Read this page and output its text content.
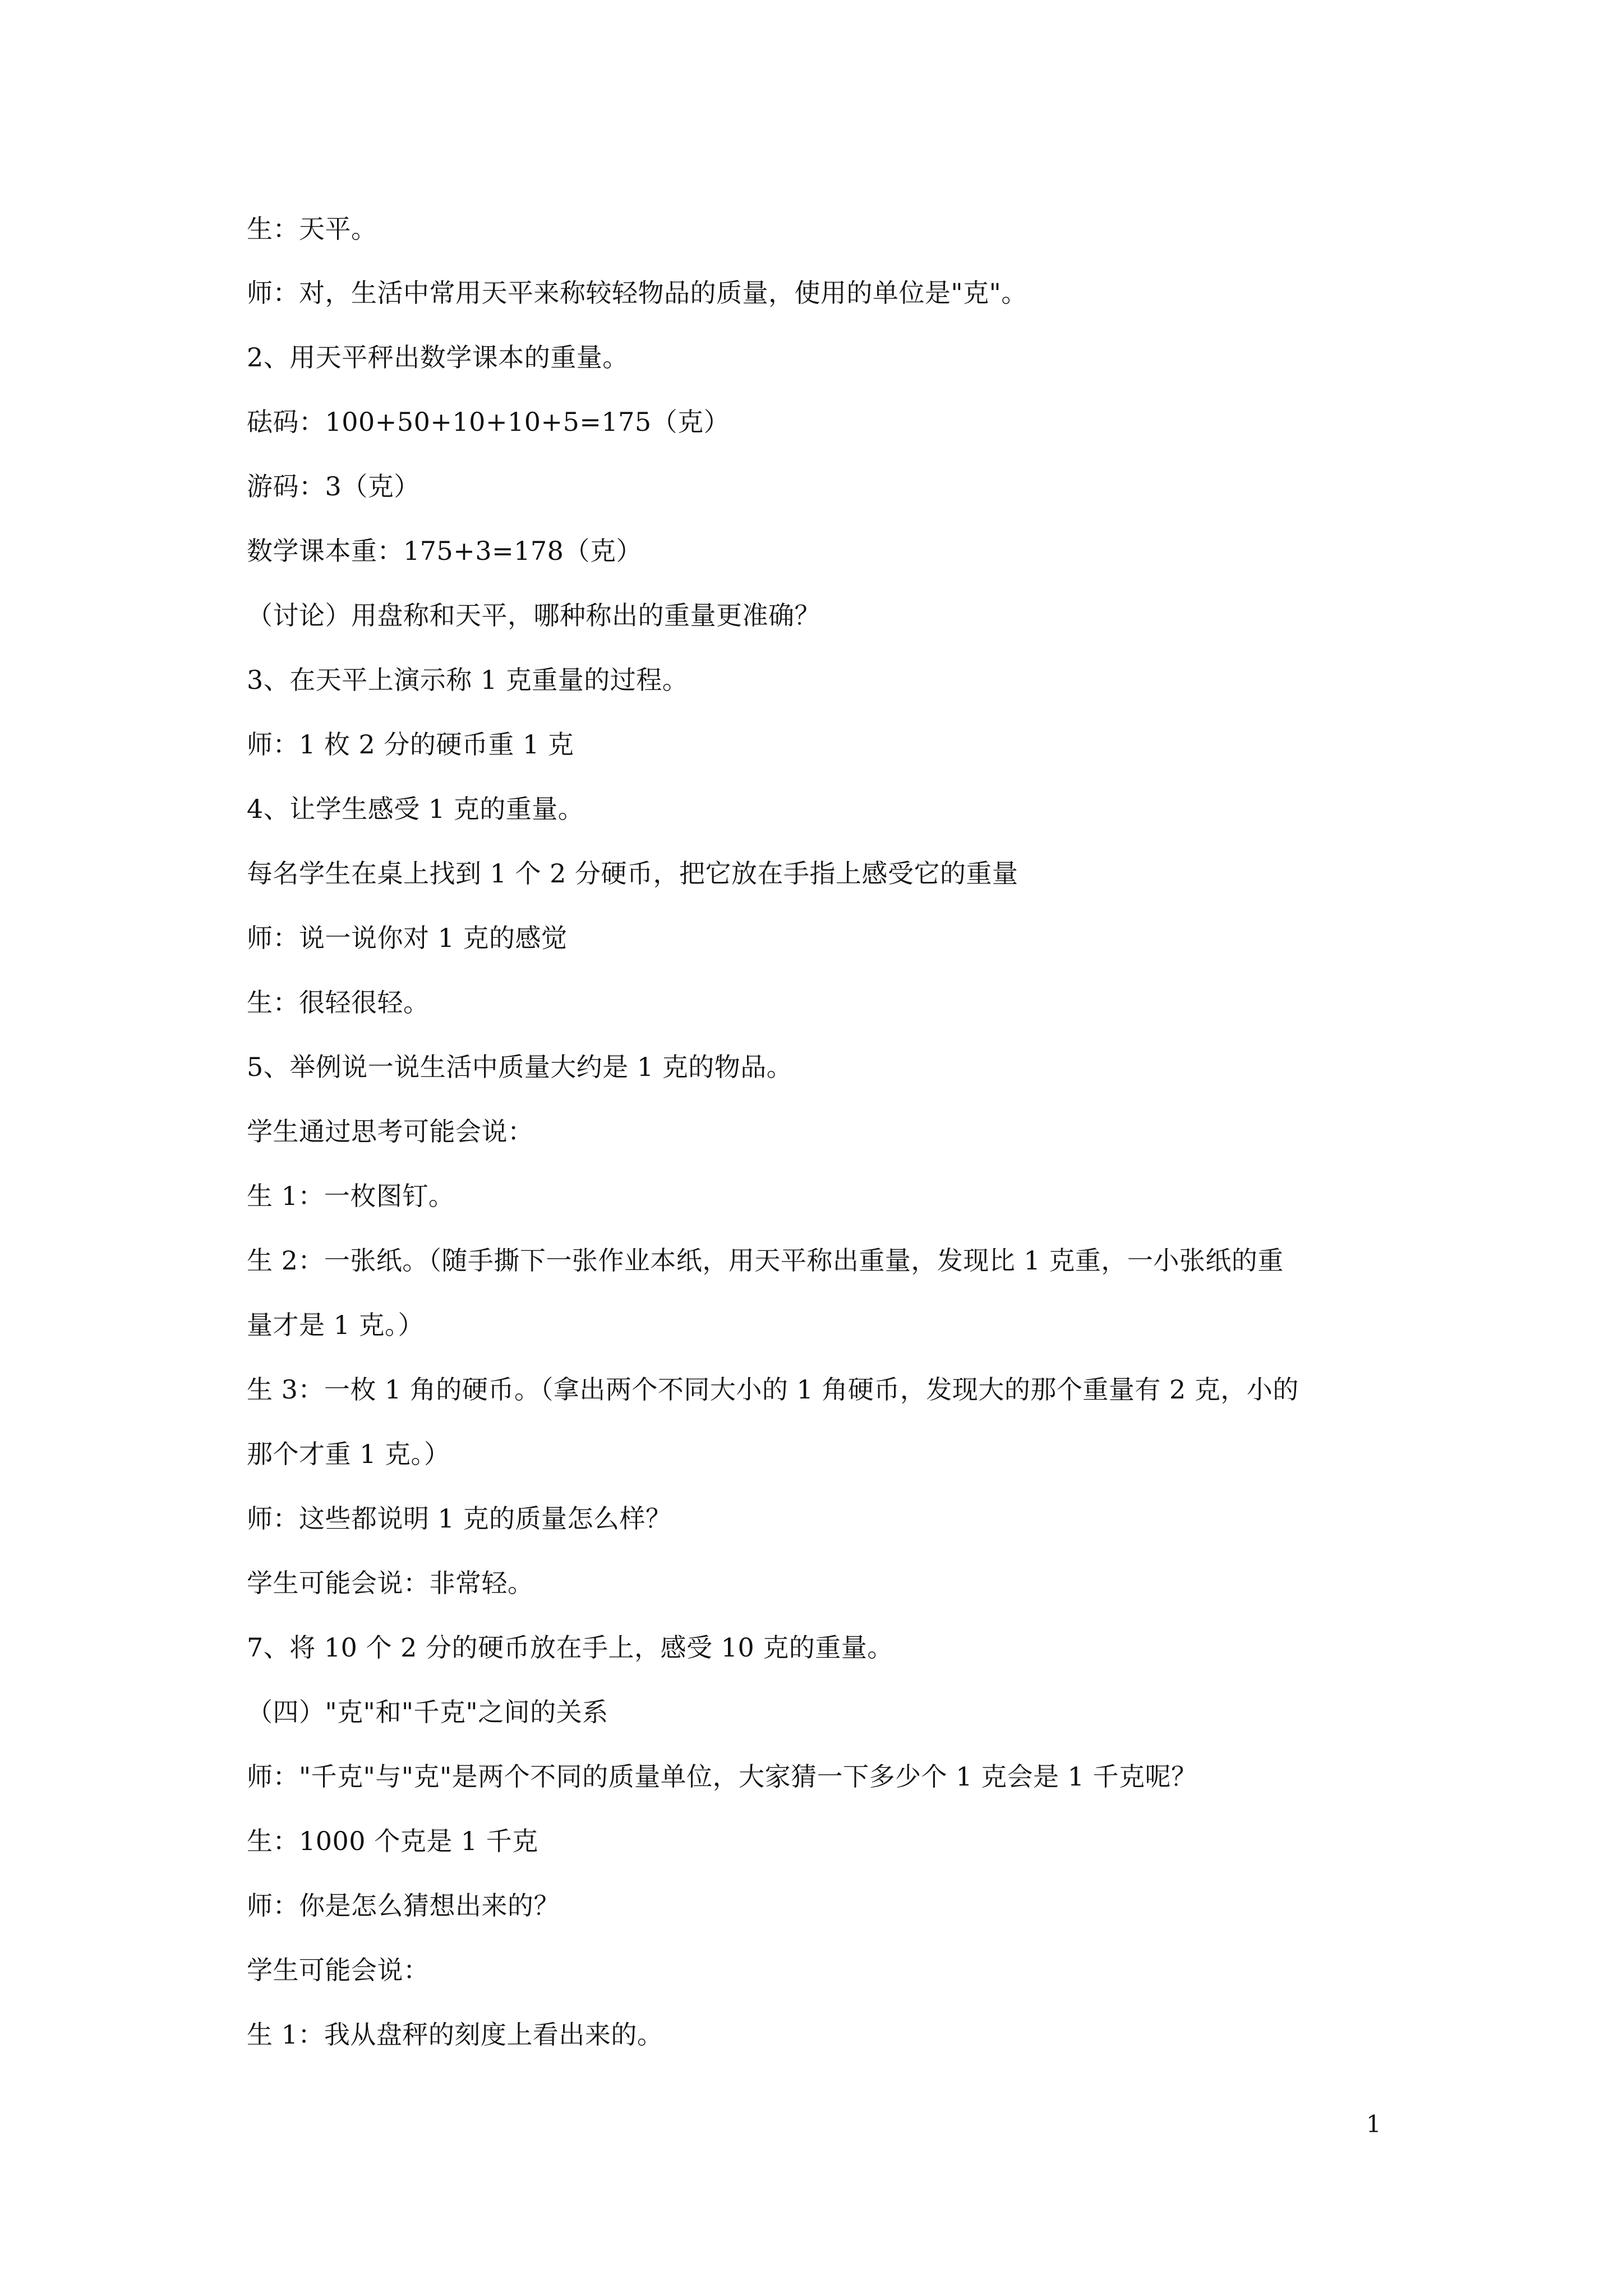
生：天平。
师：对，生活中常用天平来称较轻物品的质量，使用的单位是"克"。
2、用天平秤出数学课本的重量。
砝码：100+50+10+10+5=175（克）
游码：3（克）
数学课本重：175+3=178（克）
（讨论）用盘称和天平，哪种称出的重量更准确？
3、在天平上演示称 1 克重量的过程。
师：1 枚 2 分的硬币重 1 克
4、让学生感受 1 克的重量。
每名学生在桌上找到 1 个 2 分硬币，把它放在手指上感受它的重量
师：说一说你对 1 克的感觉
生：很轻很轻。
5、举例说一说生活中质量大约是 1 克的物品。
学生通过思考可能会说：
生 1：一枚图钉。
生 2：一张纸。（随手撕下一张作业本纸，用天平称出重量，发现比 1 克重，一小张纸的重
量才是 1 克。）
生 3：一枚 1 角的硬币。（拿出两个不同大小的 1 角硬币，发现大的那个重量有 2 克，小的
那个才重 1 克。）
师：这些都说明 1 克的质量怎么样？
学生可能会说：非常轻。
7、将 10 个 2 分的硬币放在手上，感受 10 克的重量。
（四）"克"和"千克"之间的关系
师："千克"与"克"是两个不同的质量单位，大家猜一下多少个 1 克会是 1 千克呢？
生：1000 个克是 1 千克
师：你是怎么猜想出来的？
学生可能会说：
生 1：我从盘秤的刻度上看出来的。
1
